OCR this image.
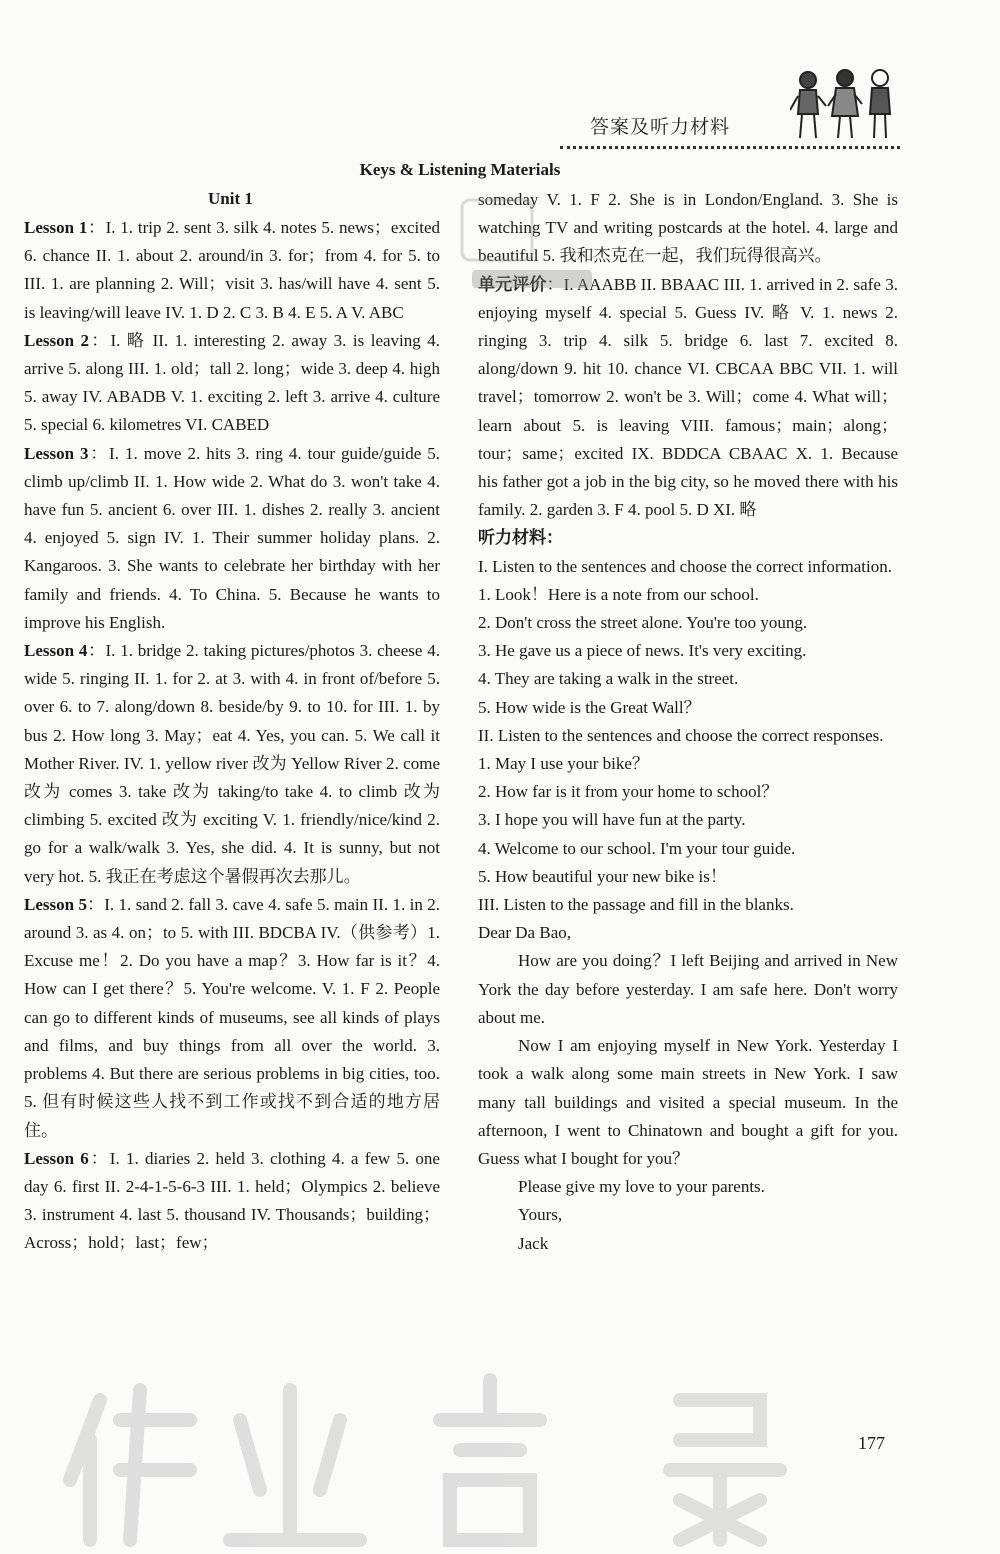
答案及听力材料
Keys & Listening Materials
Unit 1

Lesson 1：I. 1. trip 2. sent 3. silk 4. notes 5. news；excited 6. chance II. 1. about 2. around/in 3. for；from 4. for 5. to III. 1. are planning 2. Will；visit 3. has/will have 4. sent 5. is leaving/will leave IV. 1. D 2. C 3. B 4. E 5. A V. ABC

Lesson 2：I. 略 II. 1. interesting 2. away 3. is leaving 4. arrive 5. along III. 1. old；tall 2. long；wide 3. deep 4. high 5. away IV. ABADB V. 1. exciting 2. left 3. arrive 4. culture 5. special 6. kilometres VI. CABED

Lesson 3：I. 1. move 2. hits 3. ring 4. tour guide/guide 5. climb up/climb II. 1. How wide 2. What do 3. won't take 4. have fun 5. ancient 6. over III. 1. dishes 2. really 3. ancient 4. enjoyed 5. sign IV. 1. Their summer holiday plans. 2. Kangaroos. 3. She wants to celebrate her birthday with her family and friends. 4. To China. 5. Because he wants to improve his English.

Lesson 4：I. 1. bridge 2. taking pictures/photos 3. cheese 4. wide 5. ringing II. 1. for 2. at 3. with 4. in front of/before 5. over 6. to 7. along/down 8. beside/by 9. to 10. for III. 1. by bus 2. How long 3. May；eat 4. Yes, you can. 5. We call it Mother River. IV. 1. yellow river 改为 Yellow River 2. come 改为 comes 3. take 改为 taking/to take 4. to climb 改为 climbing 5. excited 改为 exciting V. 1. friendly/nice/kind 2. go for a walk/walk 3. Yes, she did. 4. It is sunny, but not very hot. 5. 我正在考虑这个暑假再次去那儿。

Lesson 5：I. 1. sand 2. fall 3. cave 4. safe 5. main II. 1. in 2. around 3. as 4. on；to 5. with III. BDCBA IV.（供参考）1. Excuse me！2. Do you have a map？3. How far is it？4. How can I get there？5. You're welcome. V. 1. F 2. People can go to different kinds of museums, see all kinds of plays and films, and buy things from all over the world. 3. problems 4. But there are serious problems in big cities, too. 5. 但有时候这些人找不到工作或找不到合适的地方居住。

Lesson 6：I. 1. diaries 2. held 3. clothing 4. a few 5. one day 6. first II. 2-4-1-5-6-3 III. 1. held；Olympics 2. believe 3. instrument 4. last 5. thousand IV. Thousands；building；Across；hold；last；few；

someday V. 1. F 2. She is in London/England. 3. She is watching TV and writing postcards at the hotel. 4. large and beautiful 5. 我和杰克在一起，我们玩得很高兴。

单元评价：I. AAABB II. BBAAC III. 1. arrived in 2. safe 3. enjoying myself 4. special 5. Guess IV. 略 V. 1. news 2. ringing 3. trip 4. silk 5. bridge 6. last 7. excited 8. along/down 9. hit 10. chance VI. CBCAA BBC VII. 1. will travel；tomorrow 2. won't be 3. Will；come 4. What will；learn about 5. is leaving VIII. famous；main；along；tour；same；excited IX. BDDCA CBAAC X. 1. Because his father got a job in the big city, so he moved there with his family. 2. garden 3. F 4. pool 5. D XI. 略

听力材料：

I. Listen to the sentences and choose the correct information.

1. Look！Here is a note from our school.

2. Don't cross the street alone. You're too young.

3. He gave us a piece of news. It's very exciting.

4. They are taking a walk in the street.

5. How wide is the Great Wall？

II. Listen to the sentences and choose the correct responses.

1. May I use your bike？

2. How far is it from your home to school？

3. I hope you will have fun at the party.

4. Welcome to our school. I'm your tour guide.

5. How beautiful your new bike is！

III. Listen to the passage and fill in the blanks.

Dear Da Bao,

How are you doing？I left Beijing and arrived in New York the day before yesterday. I am safe here. Don't worry about me.

Now I am enjoying myself in New York. Yesterday I took a walk along some main streets in New York. I saw many tall buildings and visited a special museum. In the afternoon, I went to Chinatown and bought a gift for you. Guess what I bought for you？

Please give my love to your parents.

Yours,

Jack

177
